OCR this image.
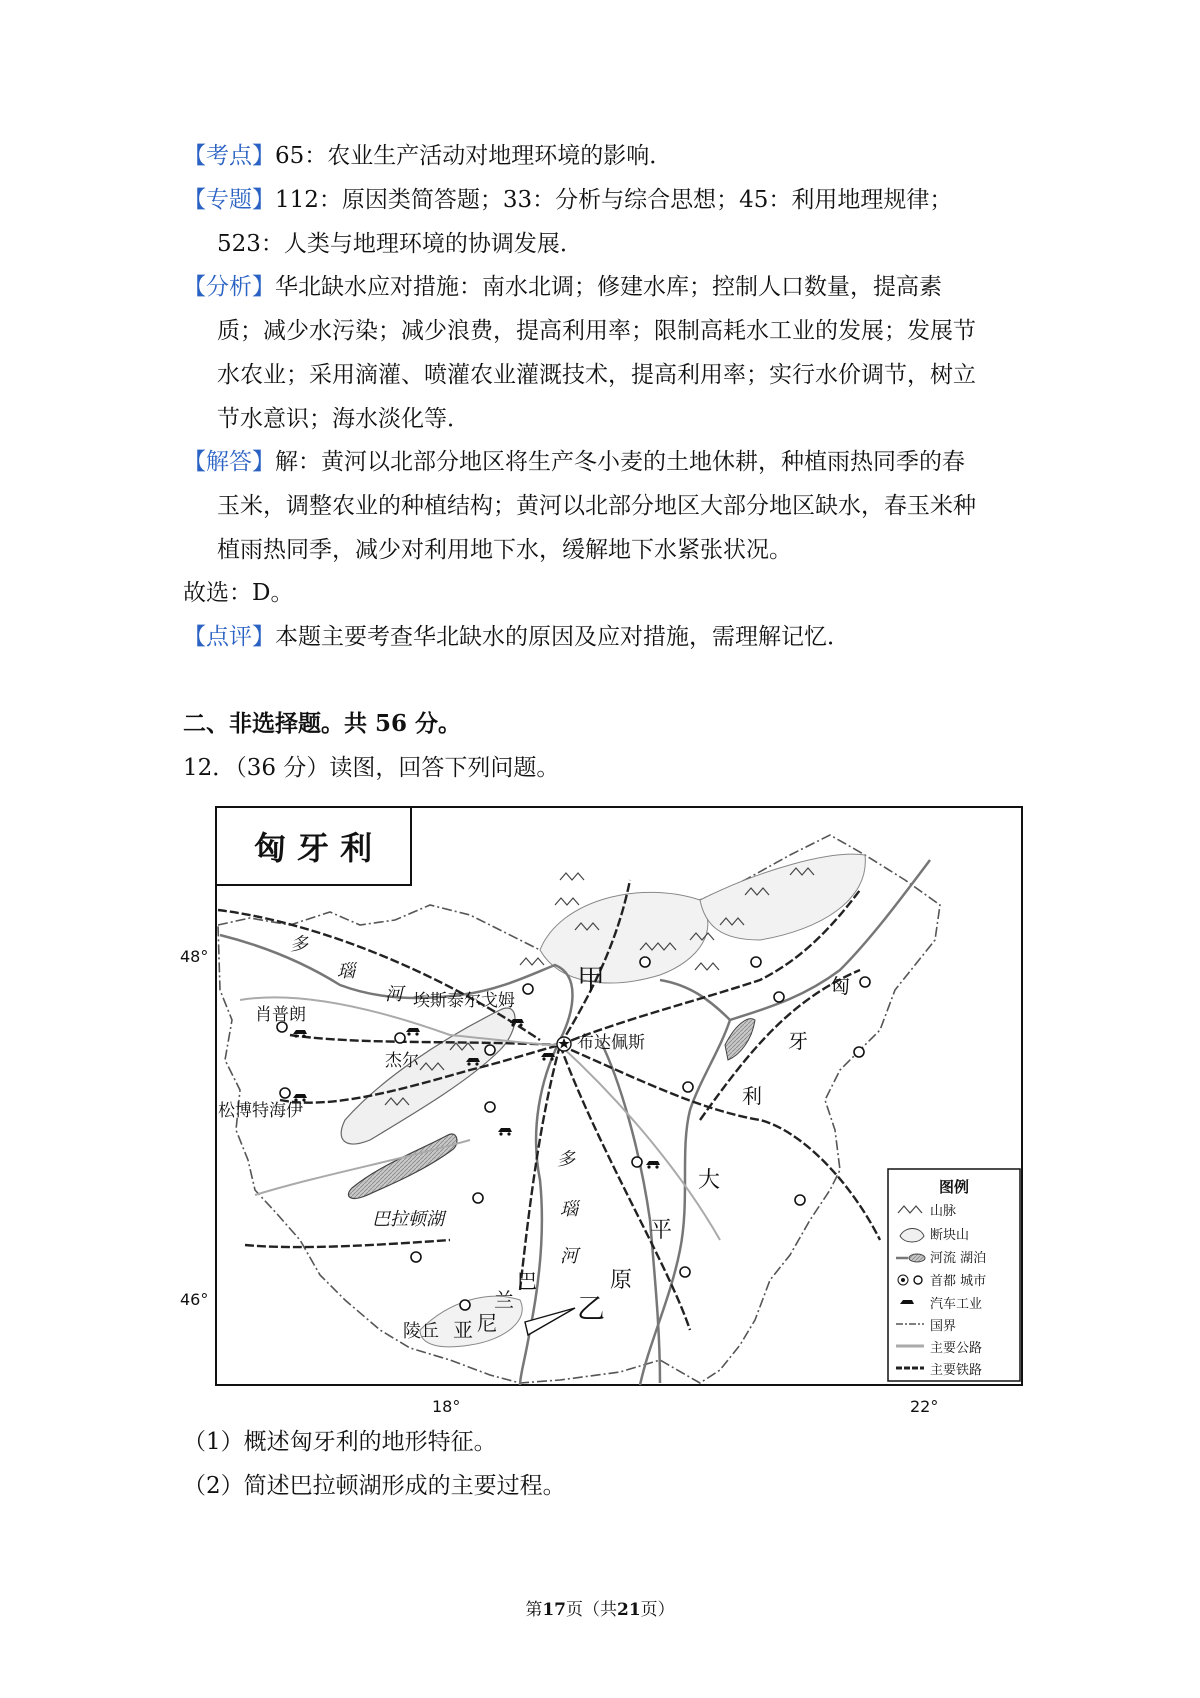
【考点】65：农业生产活动对地理环境的影响．
【专题】112：原因类简答题；33：分析与综合思想；45：利用地理规律；
523：人类与地理环境的协调发展．
【分析】华北缺水应对措施：南水北调；修建水库；控制人口数量，提高素
质；减少水污染；减少浪费，提高利用率；限制高耗水工业的发展；发展节
水农业；采用滴灌、喷灌农业灌溉技术，提高利用率；实行水价调节，树立
节水意识；海水淡化等．
【解答】解：黄河以北部分地区将生产冬小麦的土地休耕，种植雨热同季的春
玉米，调整农业的种植结构；黄河以北部分地区大部分地区缺水，春玉米种
植雨热同季，减少对利用地下水，缓解地下水紧张状况。
故选：D。
【点评】本题主要考查华北缺水的原因及应对措施，需理解记忆．
二、非选择题。共 56 分。
12．（36 分）读图，回答下列问题。
匈 牙 利
48°
46°
18°	22°
甲
乙
埃斯泰尔戈姆
肖普朗
杰尔
布达佩斯
松博特海伊
巴拉顿湖
陵丘
多
瑙
河
多
瑙
河
匈
牙
利
大
平
原
巴
兰
尼
亚
图例
山脉
断块山
河流 湖泊
首都 城市
汽车工业
国界
主要公路
主要铁路
（1）概述匈牙利的地形特征。
（2）简述巴拉顿湖形成的主要过程。
第17页（共21页）
